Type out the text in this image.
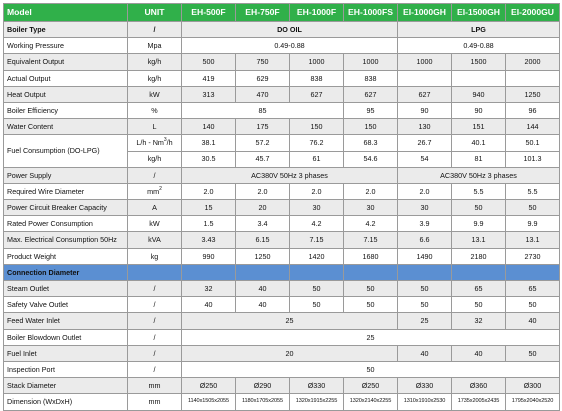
Model	UNIT	EH-500F	EH-750F	EH-1000F	EH-1000FS	EI-1000GH	EI-1500GH	EI-2000GU
Boiler Type	/	DO OIL				LPG		
Working Pressure	Mpa	0.49-0.88				0.49-0.88		
Equivalent Output	kg/h	500	750	1000	1000	1000	1500	2000
Actual Output	kg/h	419	629	838	838			
Heat Output	kW	313	470	627	627	627	940	1250
Boiler Efficiency	%	85			95	90	90	96
Water Content	L	140	175	150	150	130	151	144
Fuel Consumption (DO-LPG)	L/h - Nm$^3$/h	38.1	57.2	76.2	68.3	26.7	40.1	50.1
	kg/h	30.5	45.7	61	54.6	54	81	101.3
Power Supply	/	AC380V 50Hz 3 phases				AC380V 50Hz 3 phases		
Required Wire Diameter	$mm^2$	2.0	2.0	2.0	2.0	2.0	5.5	5.5
Power Circuit Breaker Capacity	A	15	20	30	30	30	50	50
Rated Power Consumption	kW	1.5	3.4	4.2	4.2	3.9	9.9	9.9
Max. Electrical Consumption 50Hz	kVA	3.43	6.15	7.15	7.15	6.6	13.1	13.1
Product Weight	kg	990	1250	1420	1680	1490	2180	2730
Connection Diameter								
Steam Outlet	/	32	40	50	50	50	65	65
Safety Valve Outlet	/	40	40	50	50	50	50	50
Feed Water Inlet	/	25				25	32	40
Boiler Blowdown Outlet	/	25						
Fuel Inlet	/	20				40	40	50
Inspection Port	/	50						
Stack Diameter	mm	Ø250	Ø290	Ø330	Ø250	Ø330	Ø360	Ø300
Dimension (WxDxH)	mm	1140x1505x2055	1180x1705x2055	1320x1915x2255	1320x2140x2255	1310x1910x2530	1735x2005x2435	1795x2040x2520
